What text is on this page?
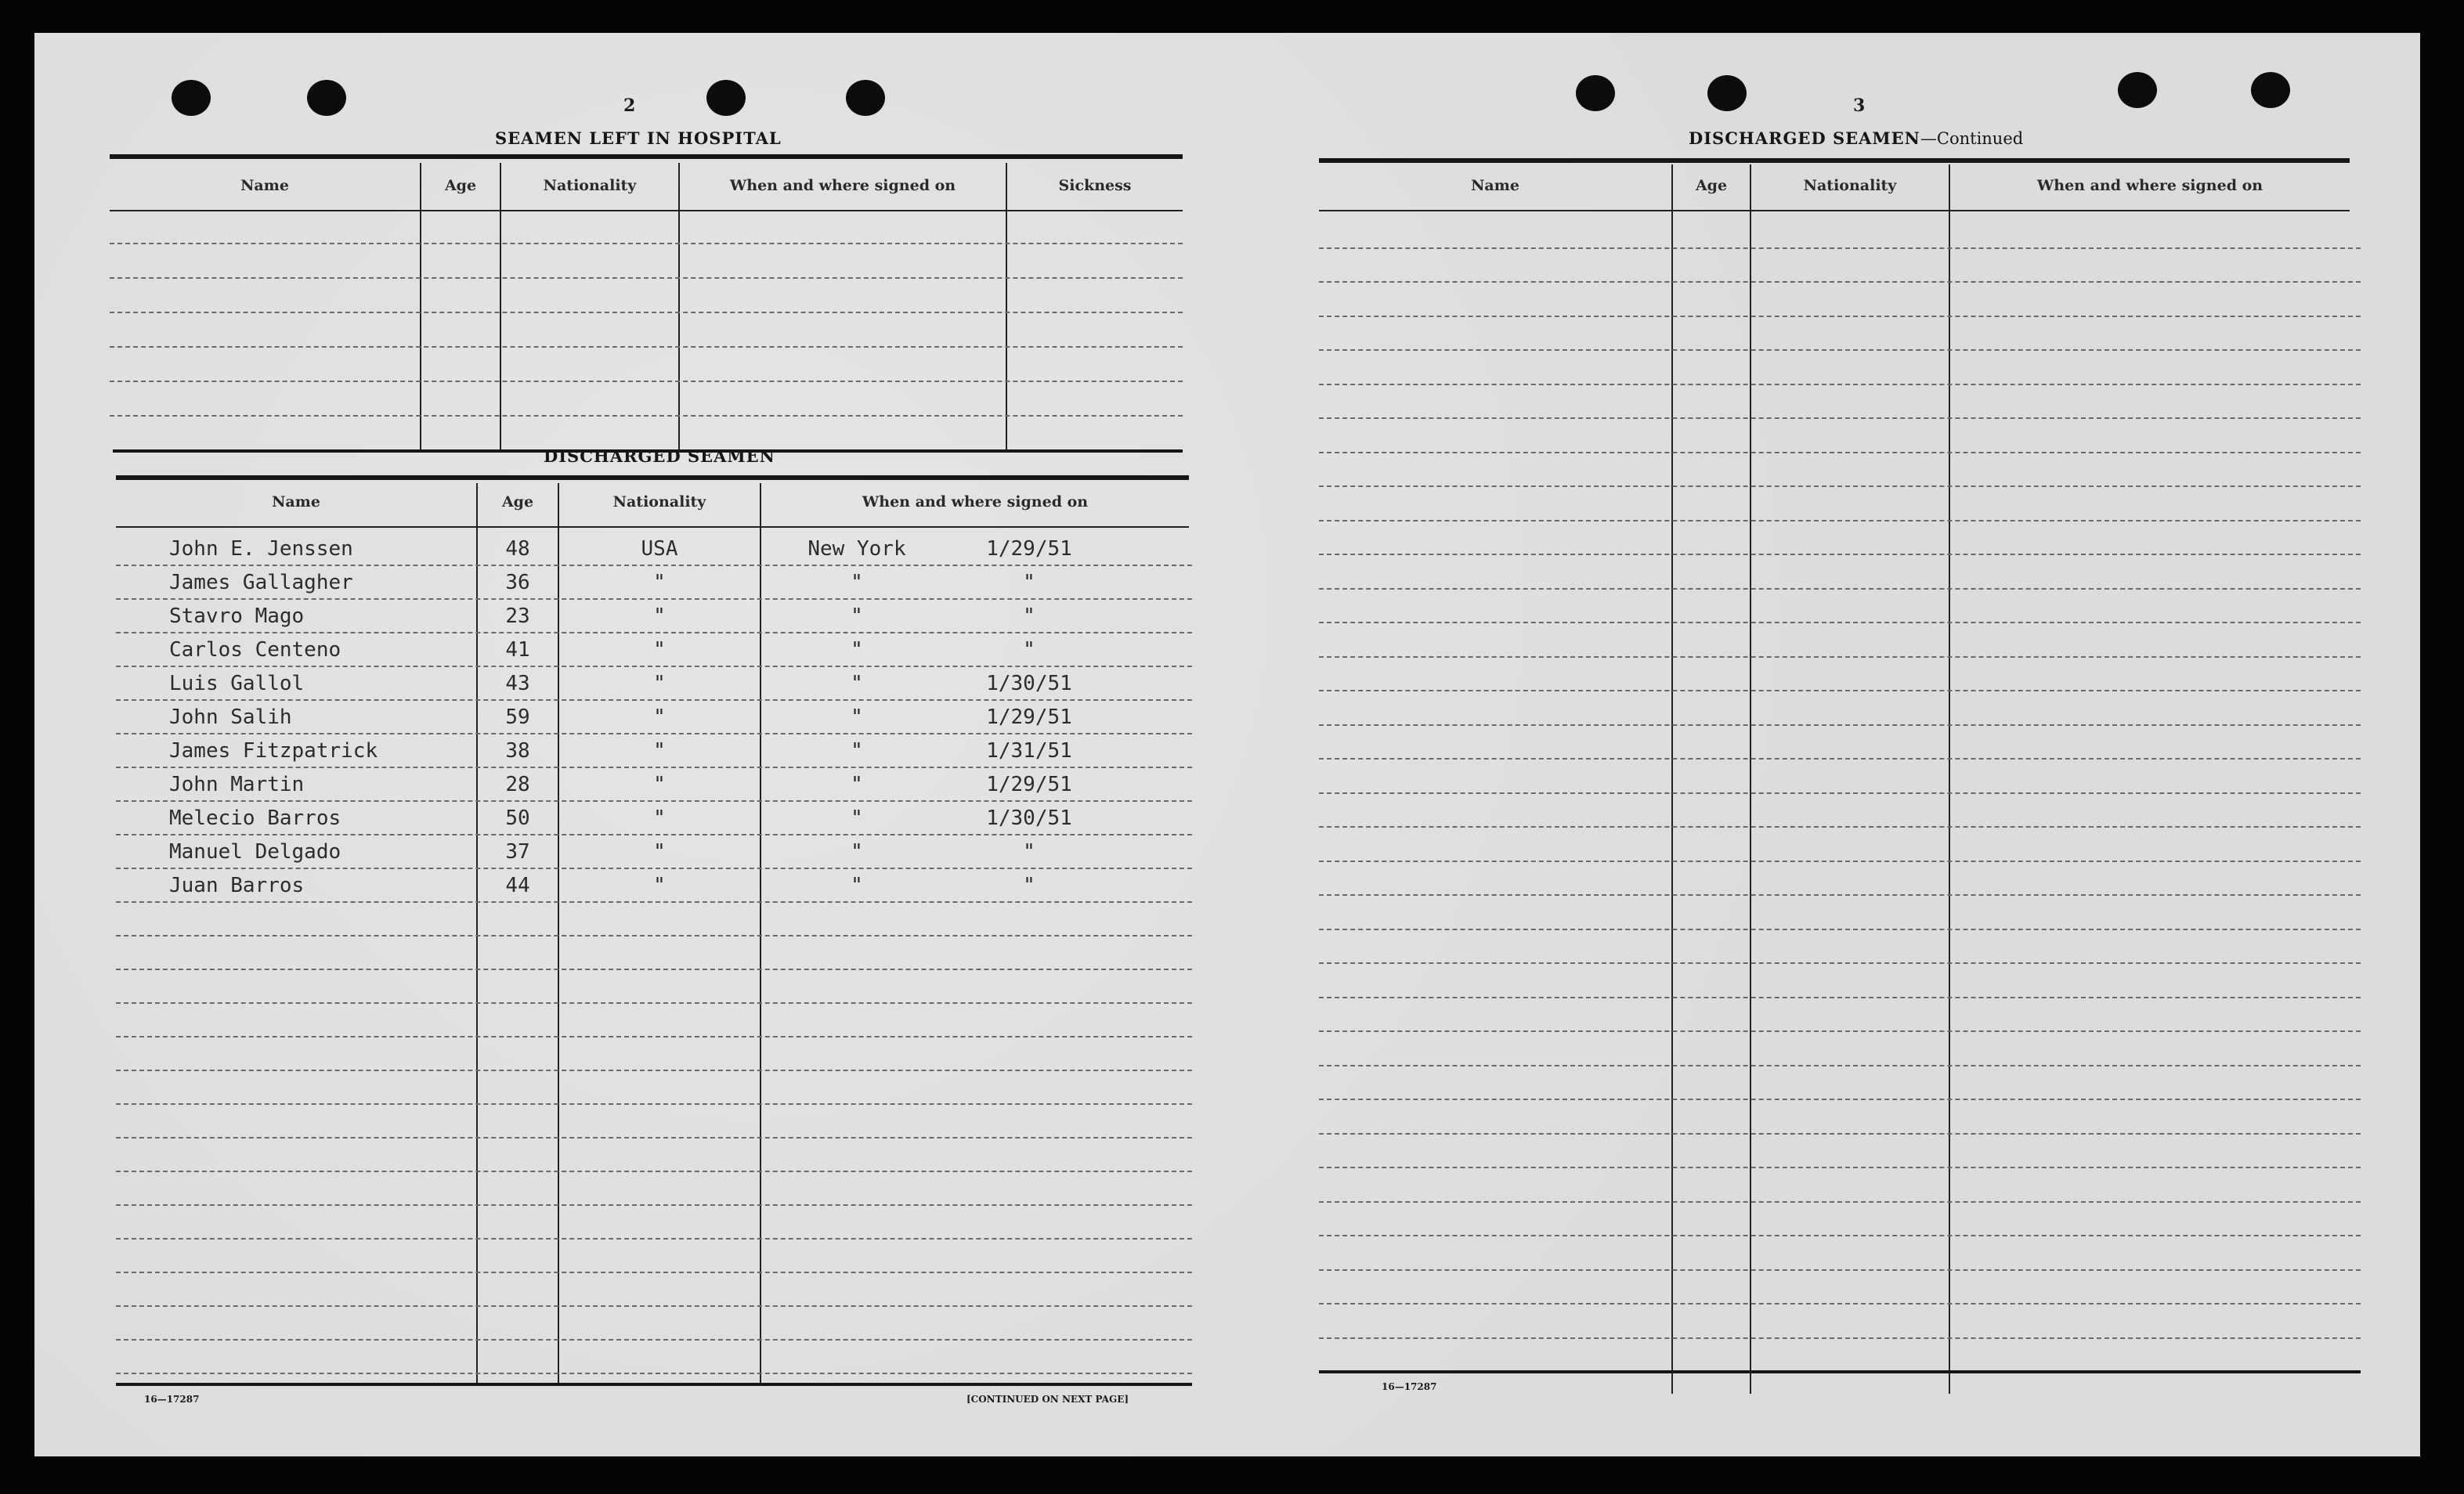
2
SEAMEN LEFT IN HOSPITAL
Name	Age	Nationality	When and where signed on	Sickness
DISCHARGED SEAMEN
Name	Age	Nationality	When and where signed on
John E. Jenssen	48	USA	New York	1/29/51
James Gallagher	36	"	"	"
Stavro Mago	23	"	"	"
Carlos Centeno	41	"	"	"
Luis Gallol	43	"	"	1/30/51
John Salih	59	"	"	1/29/51
James Fitzpatrick	38	"	"	1/31/51
John Martin	28	"	"	1/29/51
Melecio Barros	50	"	"	1/30/51
Manuel Delgado	37	"	"	"
Juan Barros	44	"	"	"
16—17287	[CONTINUED ON NEXT PAGE]
3
DISCHARGED SEAMEN—Continued
Name	Age	Nationality	When and where signed on
16—17287
